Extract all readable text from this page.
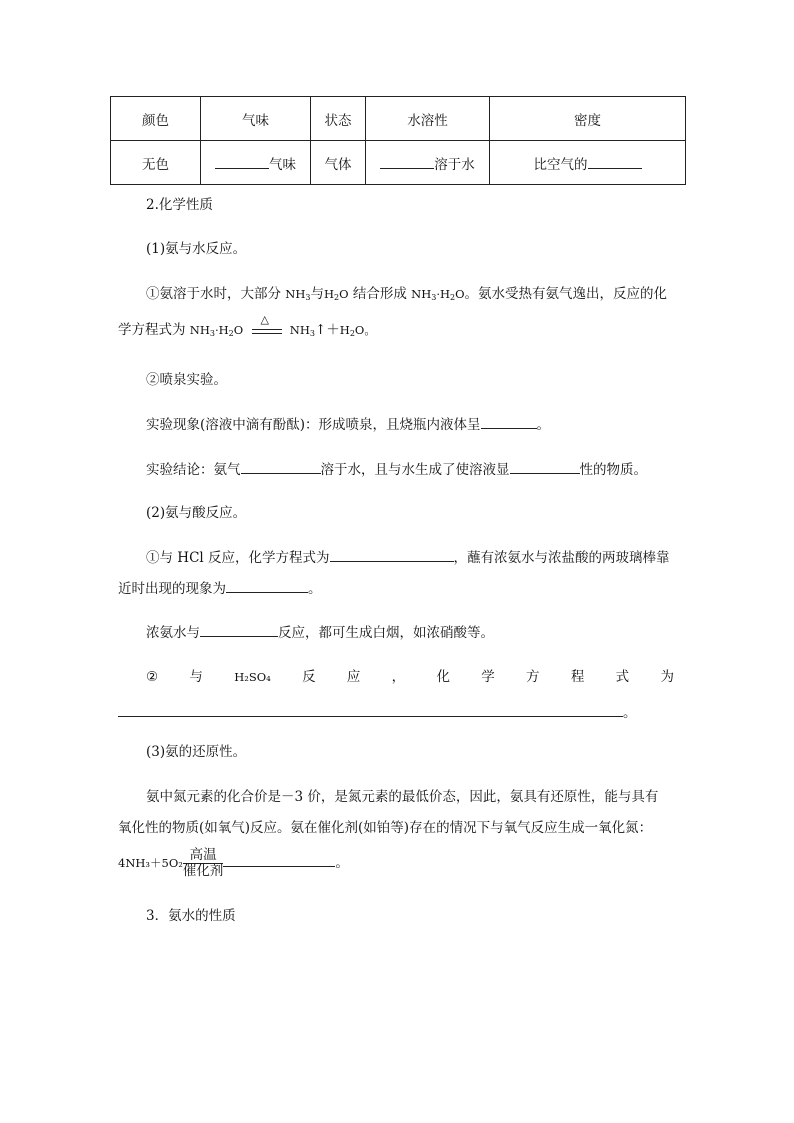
颜色	气味	状态	水溶性	密度
无色	气味	气体	溶于水	比空气的
2.化学性质
(1)氨与水反应。
①氨溶于水时，大部分 $NH_3$与$H_2O$ 结合形成 $NH_3\cdot H_2O$。氨水受热有氨气逸出，反应的化
学方程式为 $NH_3\cdot H_2O$
△
$NH_3↑+H_2O$。
②喷泉实验。
实验现象(溶液中滴有酚酞)：形成喷泉，且烧瓶内液体呈	。
实验结论：氨气	溶于水，且与水生成了使溶液显	性的物质。
(2)氨与酸反应。
①与 HCl 反应，化学方程式为	，蘸有浓氨水与浓盐酸的两玻璃棒靠
近时出现的现象为	。
浓氨水与	反应，都可生成白烟，如浓硝酸等。
② 与	H₂SO₄ 反 应 ， 化 学 方 程 式 为
。
(3)氨的还原性。
氨中氮元素的化合价是－3 价，是氮元素的最低价态，因此，氨具有还原性，能与具有
氧化性的物质(如氧气)反应。氨在催化剂(如铂等)存在的情况下与氧气反应生成一氧化氮：
4NH₃＋5O₂ 高温
催化剂	。
3．氨水的性质
